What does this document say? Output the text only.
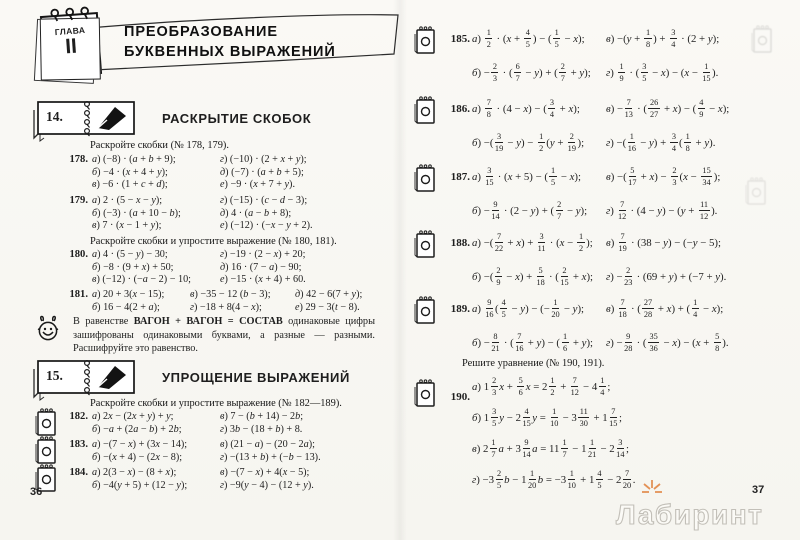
ГЛАВА
II
ПРЕОБРАЗОВАНИЕ
БУКВЕННЫХ ВЫРАЖЕНИЙ
14.	РАСКРЫТИЕ СКОБОК
Раскройте скобки (№ 178, 179).
178. а) (−8) · (a + b + 9);
б) −4 · (x + 4 + y);
в) −6 · (1 + c + d);
г) (−10) · (2 + x + y);
д) (−7) · (a + b + 5);
е) −9 · (x + 7 + y).
179. а) 2 · (5 − x − y);
б) (−3) · (a + 10 − b);
в) 7 · (x − 1 + y);
г) (−15) · (c − d − 3);
д) 4 · (a − b + 8);
е) (−12) · (−x − y + 2).
Раскройте скобки и упростите выражение (№ 180, 181).
180. а) 4 · (5 − y) − 30;
б) −8 · (9 + x) + 50;
в) (−12) · (−a − 2) − 10;
г) −19 · (2 − x) + 20;
д) 16 · (7 − a) − 90;
е) −15 · (x + 4) + 60.
181. а) 20 + 3(x − 15);
б) 16 − 4(2 + a);
в) −35 − 12 (b − 3);
г) −18 + 8(4 − x);
д) 42 − 6(7 + y);
е) 29 − 3(t − 8).
В равенстве ВАГОН + ВАГОН = СОСТАВ одинаковые цифры зашифрованы одинаковыми буквами, а разные — разными. Расшифруйте это равенство.
15.	УПРОЩЕНИЕ ВЫРАЖЕНИЙ
Раскройте скобки и упростите выражение (№ 182—189).
182. а) 2x − (2x + y) + y;
б) −a + (2a − b) + 2b;
в) 7 − (b + 14) − 2b;
г) 3b − (18 + b) + 8.
183. а) −(7 − x) + (3x − 14);
б) −(x + 4) − (2x − 8);
в) (21 − a) − (20 − 2a);
г) −(13 + b) + (−b − 13).
184. а) 2(3 − x) − (8 + x);
б) −4(y + 5) + (12 − y);
в) −(7 − x) + 4(x − 5);
г) −9(y − 4) − (12 + y).
36
185. $а) \frac{1}{2} \cdot (x + \frac{4}{5}$ ) − ( $\frac{1}{5} - x$);
$б) - \frac{2}{3}$ · ( $\frac{6}{7} - y$) + ( $\frac{2}{7} + y$);
$в) -(y + \frac{1}{8}$ ) + $\frac{3}{4} \cdot (2 + y)$;
$г) \frac{1}{9}$ · ( $\frac{3}{5} - x) - (x - \frac{1}{15}$ ).
186. $а) \frac{7}{8} \cdot (4 - x)$ − ( $\frac{3}{4} + x$);
б) −( $\frac{3}{19} - y) - \frac{1}{2} (y + \frac{2}{19}$ );
$в) - \frac{7}{13}$ · ( $\frac{26}{27} + x$) − ( $\frac{4}{9} - x$);
г) −( $\frac{1}{16} - y) + \frac{3}{4}$ ( $\frac{1}{8} + y$).
187. $а) \frac{3}{15} \cdot (x + 5)$ − ( $\frac{1}{5} - x$);
$б) - \frac{9}{14} \cdot (2 - y)$ + ( $\frac{2}{7} - y$);
в) −( $\frac{5}{17} + x) - \frac{2}{3} (x - \frac{15}{34}$ );
$г) \frac{7}{12} \cdot (4 - y) - (y + \frac{11}{12}$ ).
188. а) −( $\frac{7}{22} + x) + \frac{3}{11} \cdot (x - \frac{1}{2}$ );
б) −( $\frac{2}{9} - x) + \frac{5}{18}$ · ( $\frac{2}{15} + x$);
$в) \frac{7}{19} \cdot (38 - y) - (-y - 5)$;
$г) - \frac{2}{23} \cdot (69 + y) + (-7 + y)$.
189. $а) \frac{9}{16}$ ( $\frac{4}{5} - y$) − (− $\frac{1}{20} - y$);
$б) - \frac{8}{21}$ · ( $\frac{7}{16} + y$) − ( $\frac{1}{6} + y$);
$в) \frac{7}{18}$ · ( $\frac{27}{28} + x$) + ( $\frac{1}{4} - x$);
$г) - \frac{9}{28}$ · ( $\frac{35}{36} - x) - (x + \frac{5}{8}$ ).
Решите уравнение (№ 190, 191).
190.
а) $1 \frac{2}{3}$ $x + \frac{5}{6}$ $x = 2 \frac{1}{2} + \frac{7}{12} - 4 \frac{1}{4}$ ;
б) $1 \frac{3}{5}$ $y - 2 \frac{4}{15}$ $y = \frac{1}{10} - 3 \frac{11}{30} + 1 \frac{7}{15}$ ;
в) $2 \frac{1}{7}$ $a + 3 \frac{9}{14}$ $a = 11 \frac{1}{7} - 1 \frac{1}{21} - 2 \frac{3}{14}$ ;
$г) -3 \frac{2}{5}$ $b - 1 \frac{1}{20}$ $b = -3 \frac{1}{10} + 1 \frac{4}{5} - 2 \frac{7}{20}$ .
Лабиринт
37
